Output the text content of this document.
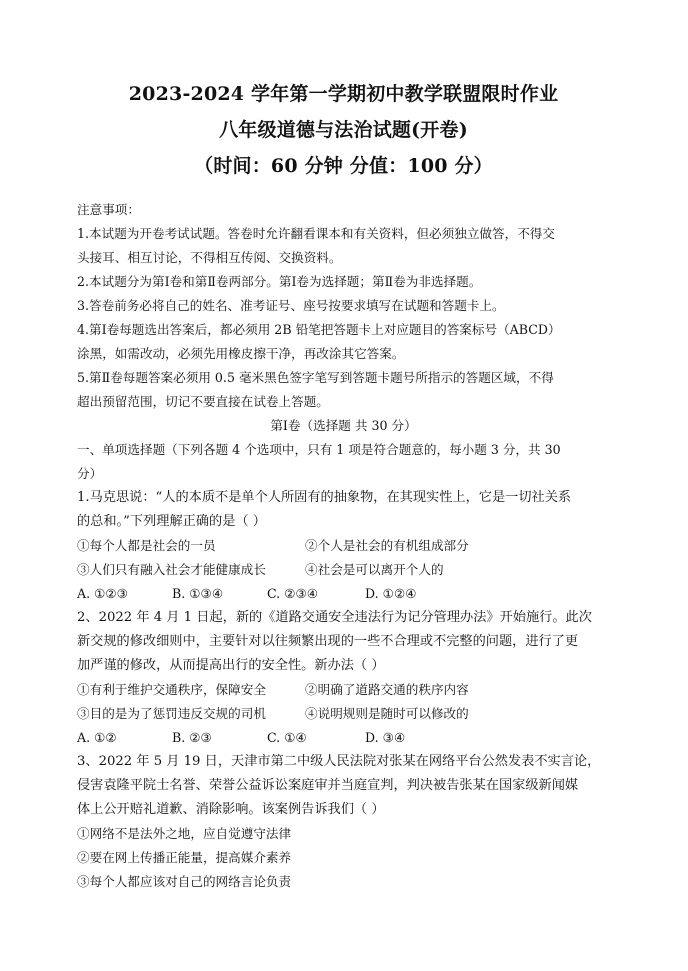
2023-2024 学年第一学期初中教学联盟限时作业
八年级道德与法治试题(开卷)
（时间：60 分钟 分值：100 分）

注意事项：

1.本试题为开卷考试试题。答卷时允许翻看课本和有关资料，但必须独立做答，不得交

头接耳、相互讨论，不得相互传阅、交换资料。

2.本试题分为第Ⅰ卷和第Ⅱ卷两部分。第Ⅰ卷为选择题；第Ⅱ卷为非选择题。

3.答卷前务必将自己的姓名、准考证号、座号按要求填写在试题和答题卡上。

4.第Ⅰ卷每题选出答案后，都必须用 2B 铅笔把答题卡上对应题目的答案标号（ABCD）

涂黑，如需改动，必须先用橡皮擦干净，再改涂其它答案。

5.第Ⅱ卷每题答案必须用 0.5 毫米黑色签字笔写到答题卡题号所指示的答题区域，不得

超出预留范围，切记不要直接在试卷上答题。

第Ⅰ卷（选择题 共 30 分）

一、单项选择题（下列各题 4 个选项中，只有 1 项是符合题意的，每小题 3 分，共 30

分）

1.马克思说：“人的本质不是单个人所固有的抽象物，在其现实性上，它是一切社关系

的总和。”下列理解正确的是（ ）

①每个人都是社会的一员	②个人是社会的有机组成部分
③人们只有融入社会才能健康成长	④社会是可以离开个人的
A. ①②③	B. ①③④	C. ②③④	D. ①②④

2、2022 年 4 月 1 日起，新的《道路交通安全违法行为记分管理办法》开始施行。此次

新交规的修改细则中，主要针对以往频繁出现的一些不合理或不完整的问题，进行了更

加严谨的修改，从而提高出行的安全性。新办法（ ）

①有利于维护交通秩序，保障安全	②明确了道路交通的秩序内容
③目的是为了惩罚违反交规的司机	④说明规则是随时可以修改的
A. ①②	B. ②③	C. ①④	D. ③④

3、2022 年 5 月 19 日，天津市第二中级人民法院对张某在网络平台公然发表不实言论，

侵害袁隆平院士名誉、荣誉公益诉讼案庭审并当庭宣判，判决被告张某在国家级新闻媒

体上公开赔礼道歉、消除影响。该案例告诉我们（ ）

①网络不是法外之地，应自觉遵守法律

②要在网上传播正能量，提高媒介素养

③每个人都应该对自己的网络言论负责
